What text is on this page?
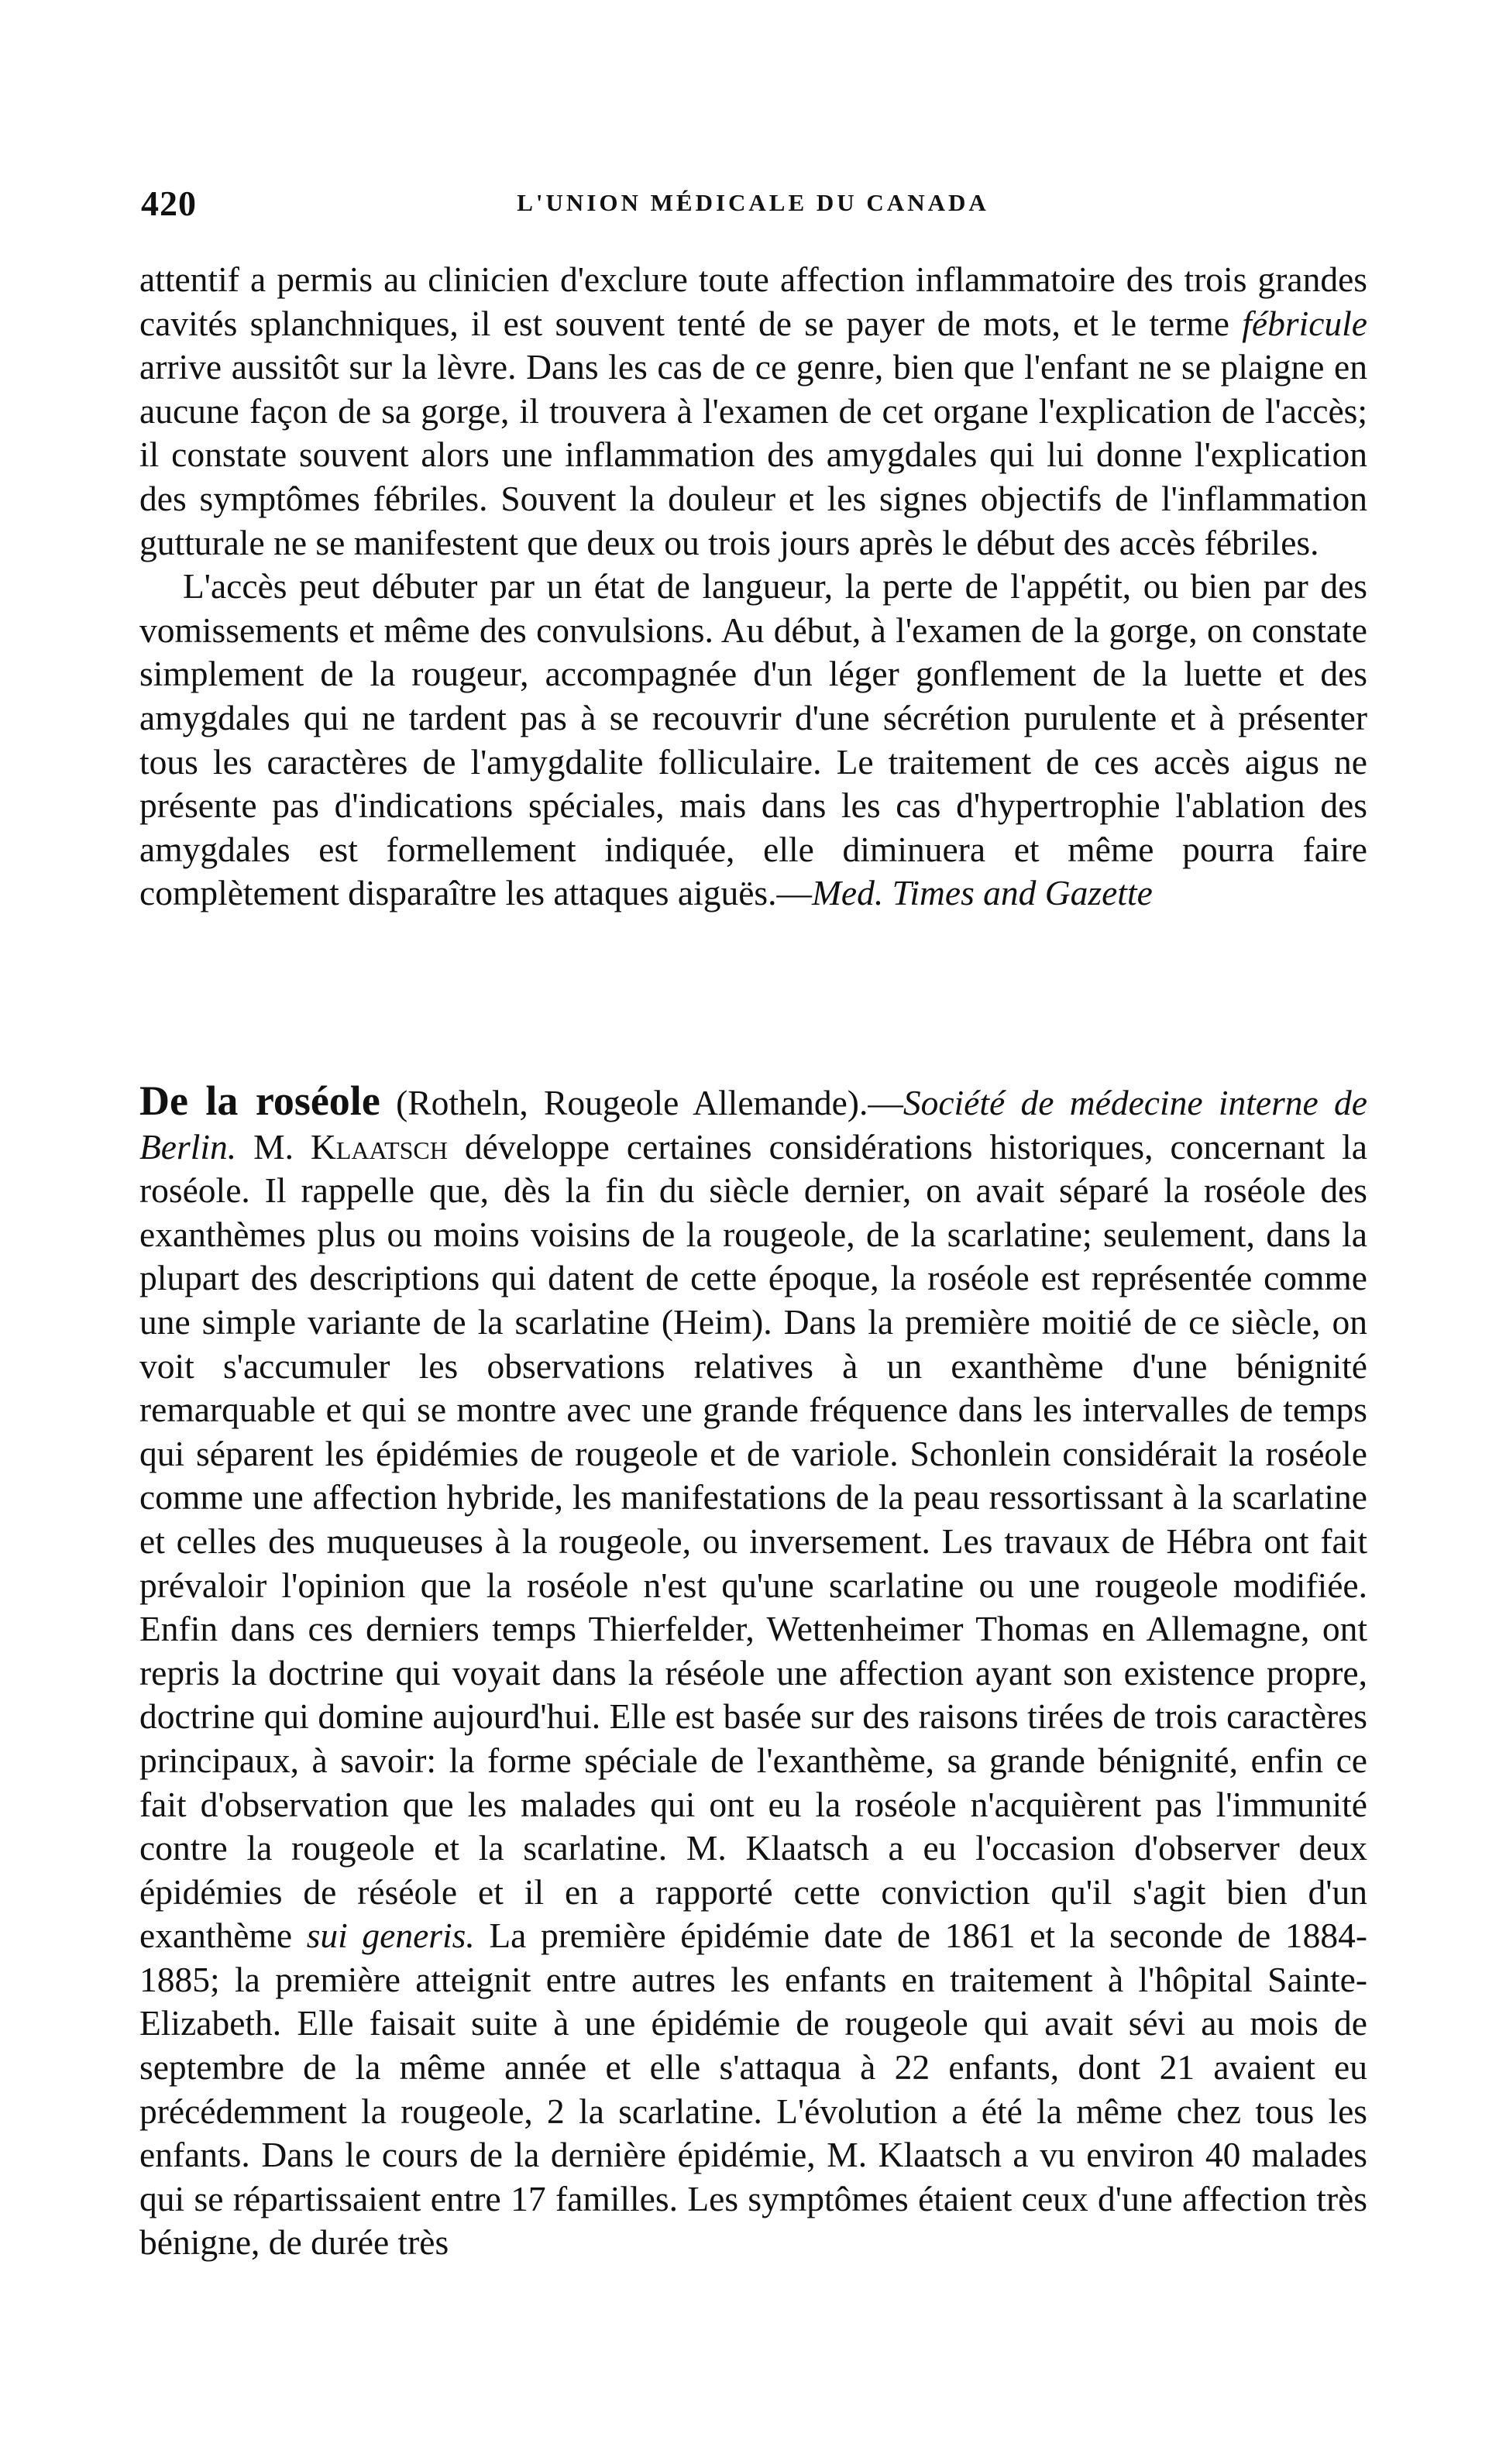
420	L'UNION MÉDICALE DU CANADA

attentif a permis au clinicien d'exclure toute affection inflammatoire des trois grandes cavités splanchniques, il est souvent tenté de se payer de mots, et le terme fébricule arrive aussitôt sur la lèvre. Dans les cas de ce genre, bien que l'enfant ne se plaigne en aucune façon de sa gorge, il trouvera à l'examen de cet organe l'explication de l'accès; il constate souvent alors une inflammation des amygdales qui lui donne l'explication des symptômes fébriles. Souvent la douleur et les signes objectifs de l'inflammation gutturale ne se manifestent que deux ou trois jours après le début des accès fébriles.

L'accès peut débuter par un état de langueur, la perte de l'appétit, ou bien par des vomissements et même des convulsions. Au début, à l'examen de la gorge, on constate simplement de la rougeur, accompagnée d'un léger gonflement de la luette et des amygdales qui ne tardent pas à se recouvrir d'une sécrétion purulente et à présenter tous les caractères de l'amygdalite folliculaire. Le traitement de ces accès aigus ne présente pas d'indications spéciales, mais dans les cas d'hypertrophie l'ablation des amygdales est formellement indiquée, elle diminuera et même pourra faire complètement disparaître les attaques aiguës.—Med. Times and Gazette

De la roséole (Rotheln, Rougeole Allemande).—Société de médecine interne de Berlin. M. Klaatsch développe certaines considérations historiques, concernant la roséole. Il rappelle que, dès la fin du siècle dernier, on avait séparé la roséole des exanthèmes plus ou moins voisins de la rougeole, de la scarlatine; seulement, dans la plupart des descriptions qui datent de cette époque, la roséole est représentée comme une simple variante de la scarlatine (Heim). Dans la première moitié de ce siècle, on voit s'accumuler les observations relatives à un exanthème d'une bénignité remarquable et qui se montre avec une grande fréquence dans les intervalles de temps qui séparent les épidémies de rougeole et de variole. Schonlein considérait la roséole comme une affection hybride, les manifestations de la peau ressortissant à la scarlatine et celles des muqueuses à la rougeole, ou inversement. Les travaux de Hébra ont fait prévaloir l'opinion que la roséole n'est qu'une scarlatine ou une rougeole modifiée. Enfin dans ces derniers temps Thierfelder, Wettenheimer Thomas en Allemagne, ont repris la doctrine qui voyait dans la réséole une affection ayant son existence propre, doctrine qui domine aujourd'hui. Elle est basée sur des raisons tirées de trois caractères principaux, à savoir: la forme spéciale de l'exanthème, sa grande bénignité, enfin ce fait d'observation que les malades qui ont eu la roséole n'acquièrent pas l'immunité contre la rougeole et la scarlatine. M. Klaatsch a eu l'occasion d'observer deux épidémies de réséole et il en a rapporté cette conviction qu'il s'agit bien d'un exanthème sui generis. La première épidémie date de 1861 et la seconde de 1884-1885; la première atteignit entre autres les enfants en traitement à l'hôpital Sainte-Elizabeth. Elle faisait suite à une épidémie de rougeole qui avait sévi au mois de septembre de la même année et elle s'attaqua à 22 enfants, dont 21 avaient eu précédemment la rougeole, 2 la scarlatine. L'évolution a été la même chez tous les enfants. Dans le cours de la dernière épidémie, M. Klaatsch a vu environ 40 malades qui se répartissaient entre 17 familles. Les symptômes étaient ceux d'une affection très bénigne, de durée très
